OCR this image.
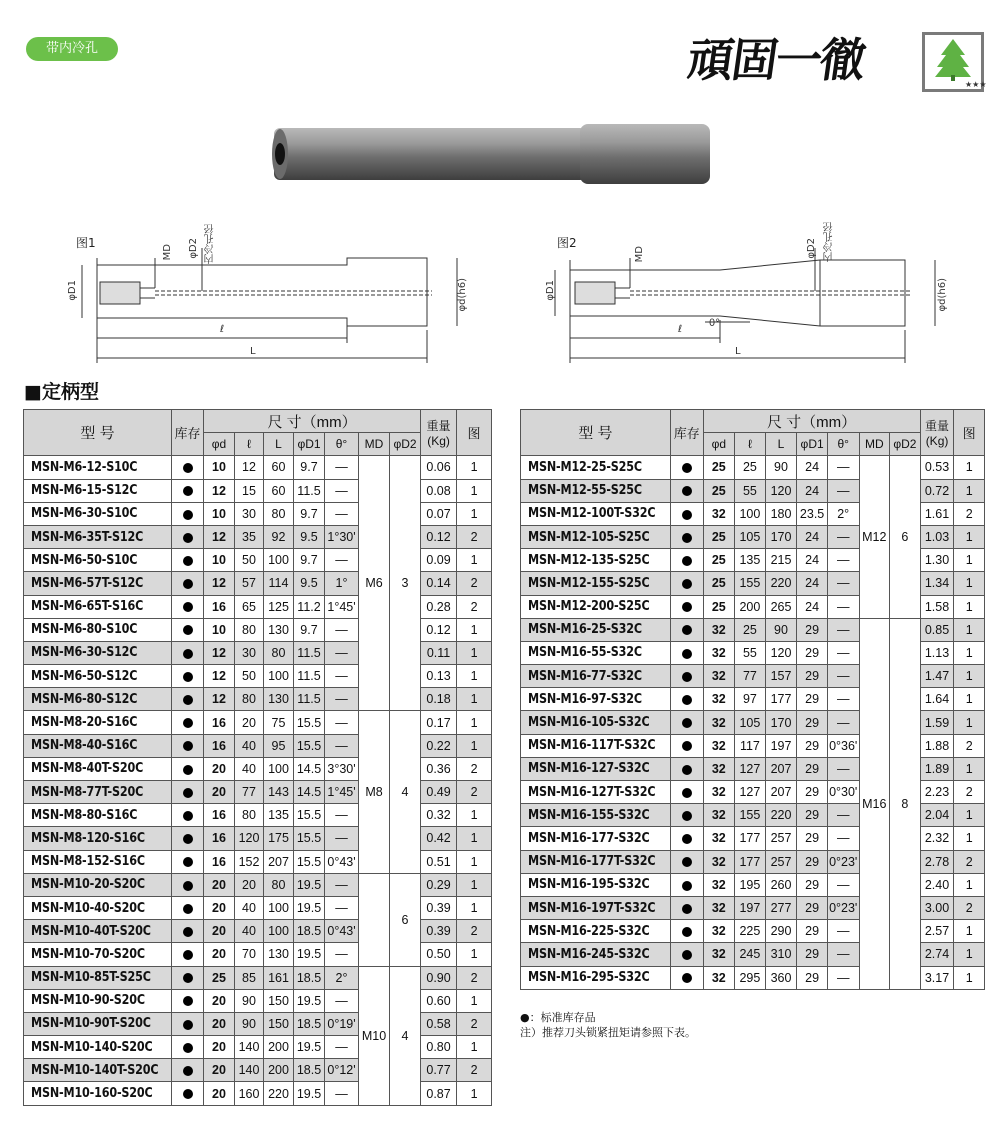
带内冷孔	頑固一徹	★★★
图1
MD φD2 内冷孔径
φD1	φd(h6)
ℓ
L
图2
MD	φD2 内冷孔径
φD1	φd(h6)
ℓ
θ°
L
■定柄型
型 号	库存	尺 寸（mm）							重量
(Kg)	图
		φd	ℓ	L	φD1	θ°	MD	φD2		
MSN-M6-12-S10C		10	12	60	9.7	—	M6	3	0.06	1
MSN-M6-15-S12C		12	15	60	11.5	—			0.08	1
MSN-M6-30-S10C		10	30	80	9.7	—			0.07	1
MSN-M6-35T-S12C		12	35	92	9.5	1°30'			0.12	2
MSN-M6-50-S10C		10	50	100	9.7	—			0.09	1
MSN-M6-57T-S12C		12	57	114	9.5	1°			0.14	2
MSN-M6-65T-S16C		16	65	125	11.2	1°45'			0.28	2
MSN-M6-80-S10C		10	80	130	9.7	—			0.12	1
MSN-M6-30-S12C		12	30	80	11.5	—			0.11	1
MSN-M6-50-S12C		12	50	100	11.5	—			0.13	1
MSN-M6-80-S12C		12	80	130	11.5	—			0.18	1
MSN-M8-20-S16C		16	20	75	15.5	—	M8	4	0.17	1
MSN-M8-40-S16C		16	40	95	15.5	—			0.22	1
MSN-M8-40T-S20C		20	40	100	14.5	3°30'			0.36	2
MSN-M8-77T-S20C		20	77	143	14.5	1°45'			0.49	2
MSN-M8-80-S16C		16	80	135	15.5	—			0.32	1
MSN-M8-120-S16C		16	120	175	15.5	—			0.42	1
MSN-M8-152-S16C		16	152	207	15.5	0°43'			0.51	1
MSN-M10-20-S20C		20	20	80	19.5	—		6	0.29	1
MSN-M10-40-S20C		20	40	100	19.5	—			0.39	1
MSN-M10-40T-S20C		20	40	100	18.5	0°43'			0.39	2
MSN-M10-70-S20C		20	70	130	19.5	—			0.50	1
MSN-M10-85T-S25C		25	85	161	18.5	2°	M10	4	0.90	2
MSN-M10-90-S20C		20	90	150	19.5	—			0.60	1
MSN-M10-90T-S20C		20	90	150	18.5	0°19'			0.58	2
MSN-M10-140-S20C		20	140	200	19.5	—			0.80	1
MSN-M10-140T-S20C		20	140	200	18.5	0°12'			0.77	2
MSN-M10-160-S20C		20	160	220	19.5	—			0.87	1
型 号	库存	尺 寸（mm）							重量
(Kg)	图
		φd	ℓ	L	φD1	θ°	MD	φD2		
MSN-M12-25-S25C		25	25	90	24	—	M12	6	0.53	1
MSN-M12-55-S25C		25	55	120	24	—			0.72	1
MSN-M12-100T-S32C		32	100	180	23.5	2°			1.61	2
MSN-M12-105-S25C		25	105	170	24	—			1.03	1
MSN-M12-135-S25C		25	135	215	24	—			1.30	1
MSN-M12-155-S25C		25	155	220	24	—			1.34	1
MSN-M12-200-S25C		25	200	265	24	—			1.58	1
MSN-M16-25-S32C		32	25	90	29	—	M16	8	0.85	1
MSN-M16-55-S32C		32	55	120	29	—			1.13	1
MSN-M16-77-S32C		32	77	157	29	—			1.47	1
MSN-M16-97-S32C		32	97	177	29	—			1.64	1
MSN-M16-105-S32C		32	105	170	29	—			1.59	1
MSN-M16-117T-S32C		32	117	197	29	0°36'			1.88	2
MSN-M16-127-S32C		32	127	207	29	—			1.89	1
MSN-M16-127T-S32C		32	127	207	29	0°30'			2.23	2
MSN-M16-155-S32C		32	155	220	29	—			2.04	1
MSN-M16-177-S32C		32	177	257	29	—			2.32	1
MSN-M16-177T-S32C		32	177	257	29	0°23'			2.78	2
MSN-M16-195-S32C		32	195	260	29	—			2.40	1
MSN-M16-197T-S32C		32	197	277	29	0°23'			3.00	2
MSN-M16-225-S32C		32	225	290	29	—			2.57	1
MSN-M16-245-S32C		32	245	310	29	—			2.74	1
MSN-M16-295-S32C		32	295	360	29	—			3.17	1
●：标准库存品
注）推荐刀头锁紧扭矩请参照下表。
